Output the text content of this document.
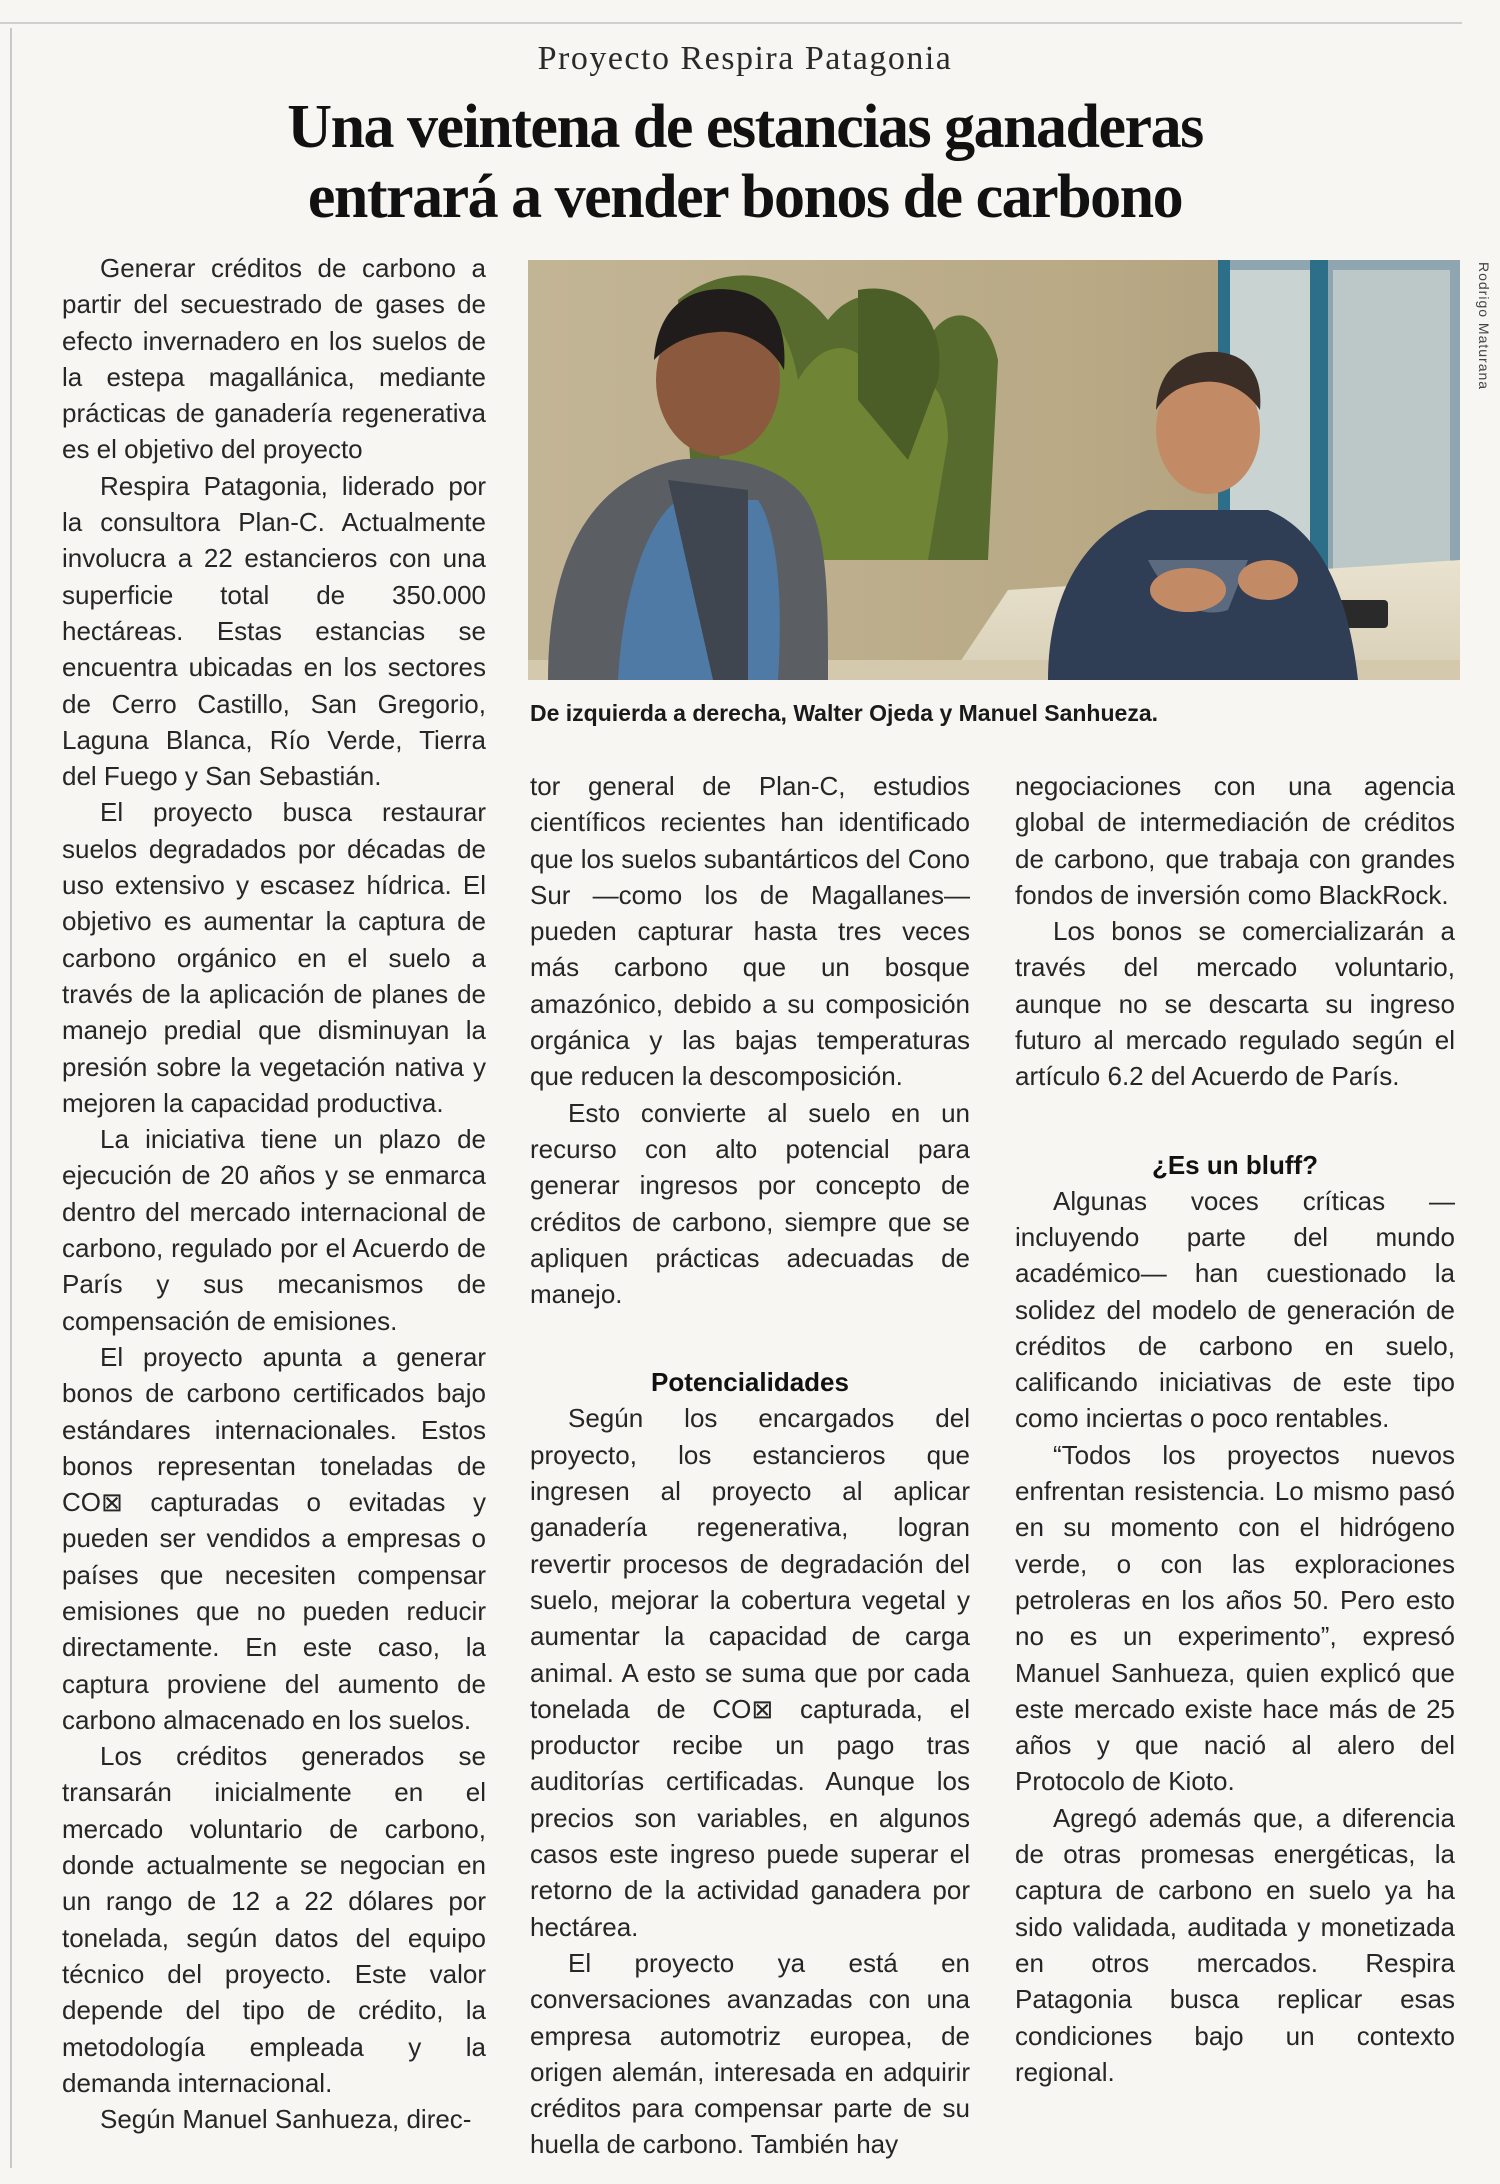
Proyecto Respira Patagonia
Una veintena de estancias ganaderas
entrará a vender bonos de carbono

Generar créditos de carbono a partir del secuestrado de gases de efecto invernadero en los suelos de la estepa magallánica, mediante prácticas de ganadería regenerativa es el objetivo del proyecto

Respira Patagonia, liderado por la consultora Plan-C. Actualmente involucra a 22 estancieros con una superficie total de 350.000 hectáreas. Estas estancias se encuentra ubicadas en los sectores de Cerro Castillo, San Gregorio, Laguna Blanca, Río Verde, Tierra del Fuego y San Sebastián.

El proyecto busca restaurar suelos degradados por décadas de uso extensivo y escasez hídrica. El objetivo es aumentar la captura de carbono orgánico en el suelo a través de la aplicación de planes de manejo predial que disminuyan la presión sobre la vegetación nativa y mejoren la capacidad productiva.

La iniciativa tiene un plazo de ejecución de 20 años y se enmarca dentro del mercado internacional de carbono, regulado por el Acuerdo de París y sus mecanismos de compensación de emisiones.

El proyecto apunta a generar bonos de carbono certificados bajo estándares internacionales. Estos bonos representan toneladas de CO⊠ capturadas o evitadas y pueden ser vendidos a empresas o países que necesiten compensar emisiones que no pueden reducir directamente. En este caso, la captura proviene del aumento de carbono almacenado en los suelos.

Los créditos generados se transarán inicialmente en el mercado voluntario de carbono, donde actualmente se negocian en un rango de 12 a 22 dólares por tonelada, según datos del equipo técnico del proyecto. Este valor depende del tipo de crédito, la metodología empleada y la demanda internacional.

Según Manuel Sanhueza, direc-

Rodrigo Maturana
De izquierda a derecha, Walter Ojeda y Manuel Sanhueza.

tor general de Plan-C, estudios científicos recientes han identificado que los suelos subantárticos del Cono Sur —como los de Magallanes— pueden capturar hasta tres veces más carbono que un bosque amazónico, debido a su composición orgánica y las bajas temperaturas que reducen la descomposición.

Esto convierte al suelo en un recurso con alto potencial para generar ingresos por concepto de créditos de carbono, siempre que se apliquen prácticas adecuadas de manejo.

Potencialidades

Según los encargados del proyecto, los estancieros que ingresen al proyecto al aplicar ganadería regenerativa, logran revertir procesos de degradación del suelo, mejorar la cobertura vegetal y aumentar la capacidad de carga animal. A esto se suma que por cada tonelada de CO⊠ capturada, el productor recibe un pago tras auditorías certificadas. Aunque los precios son variables, en algunos casos este ingreso puede superar el retorno de la actividad ganadera por hectárea.

El proyecto ya está en conversaciones avanzadas con una empresa automotriz europea, de origen alemán, interesada en adquirir créditos para compensar parte de su huella de carbono. También hay

negociaciones con una agencia global de intermediación de créditos de carbono, que trabaja con grandes fondos de inversión como BlackRock.

Los bonos se comercializarán a través del mercado voluntario, aunque no se descarta su ingreso futuro al mercado regulado según el artículo 6.2 del Acuerdo de París.

¿Es un bluff?

Algunas voces críticas —incluyendo parte del mundo académico— han cuestionado la solidez del modelo de generación de créditos de carbono en suelo, calificando iniciativas de este tipo como inciertas o poco rentables.

“Todos los proyectos nuevos enfrentan resistencia. Lo mismo pasó en su momento con el hidrógeno verde, o con las exploraciones petroleras en los años 50. Pero esto no es un experimento”, expresó Manuel Sanhueza, quien explicó que este mercado existe hace más de 25 años y que nació al alero del Protocolo de Kioto.

Agregó además que, a diferencia de otras promesas energéticas, la captura de carbono en suelo ya ha sido validada, auditada y monetizada en otros mercados. Respira Patagonia busca replicar esas condiciones bajo un contexto regional.
